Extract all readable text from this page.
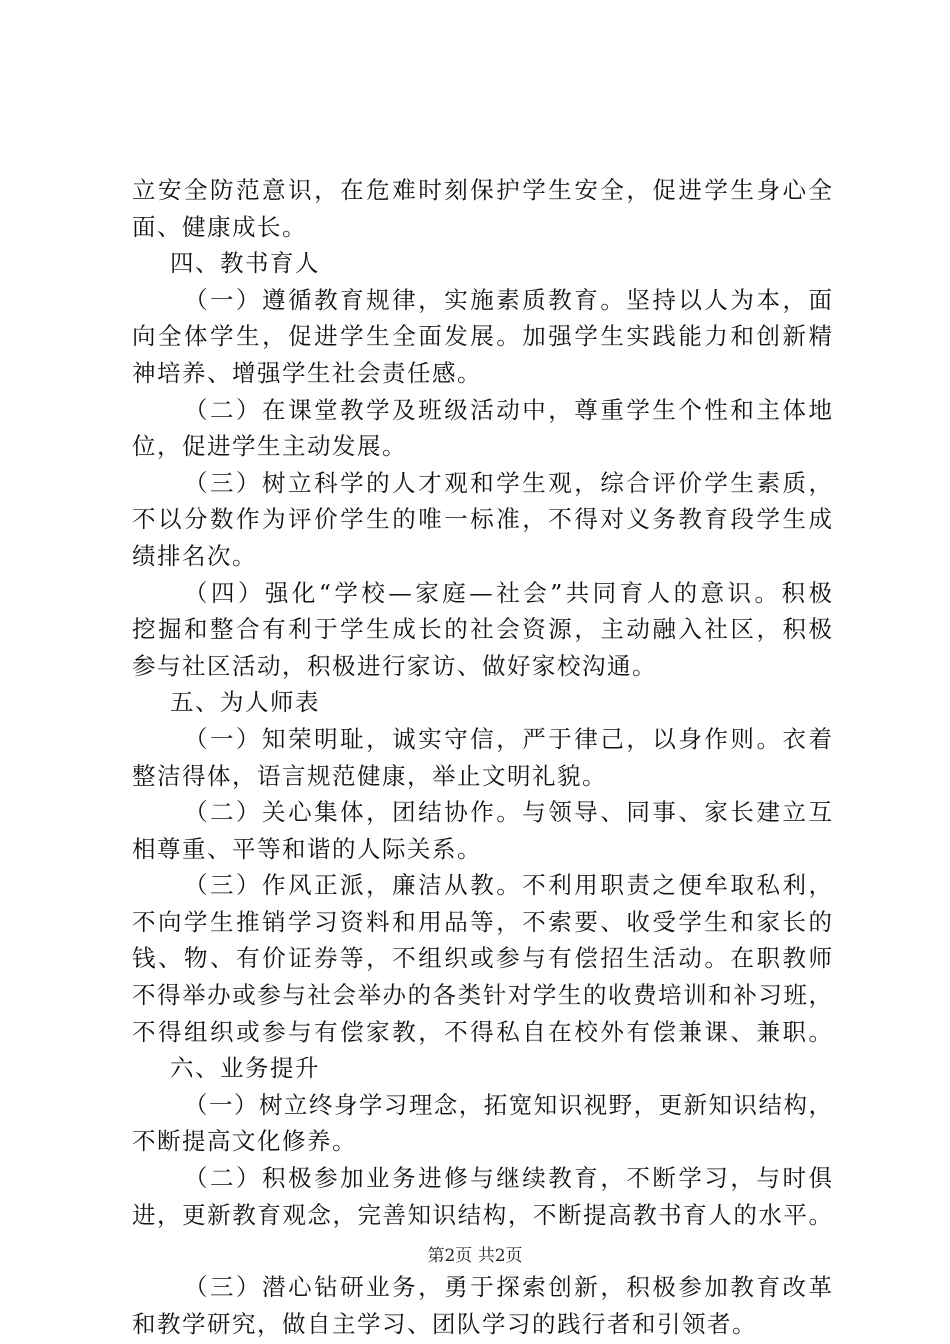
立安全防范意识，在危难时刻保护学生安全，促进学生身心全
面、健康成长。
四、教书育人
（一）遵循教育规律，实施素质教育。坚持以人为本，面
向全体学生，促进学生全面发展。加强学生实践能力和创新精
神培养、增强学生社会责任感。
（二）在课堂教学及班级活动中，尊重学生个性和主体地
位，促进学生主动发展。
（三）树立科学的人才观和学生观，综合评价学生素质，
不以分数作为评价学生的唯一标准，不得对义务教育段学生成
绩排名次。
（四）强化“学校—家庭—社会”共同育人的意识。积极
挖掘和整合有利于学生成长的社会资源，主动融入社区，积极
参与社区活动，积极进行家访、做好家校沟通。
五、为人师表
（一）知荣明耻，诚实守信，严于律己，以身作则。衣着
整洁得体，语言规范健康，举止文明礼貌。
（二）关心集体，团结协作。与领导、同事、家长建立互
相尊重、平等和谐的人际关系。
（三）作风正派，廉洁从教。不利用职责之便牟取私利，
不向学生推销学习资料和用品等，不索要、收受学生和家长的
钱、物、有价证券等，不组织或参与有偿招生活动。在职教师
不得举办或参与社会举办的各类针对学生的收费培训和补习班，
不得组织或参与有偿家教，不得私自在校外有偿兼课、兼职。
六、业务提升
（一）树立终身学习理念，拓宽知识视野，更新知识结构，
不断提高文化修养。
（二）积极参加业务进修与继续教育，不断学习，与时俱
进，更新教育观念，完善知识结构，不断提高教书育人的水平。
（三）潜心钻研业务，勇于探索创新，积极参加教育改革
和教学研究，做自主学习、团队学习的践行者和引领者。
第2页 共2页
